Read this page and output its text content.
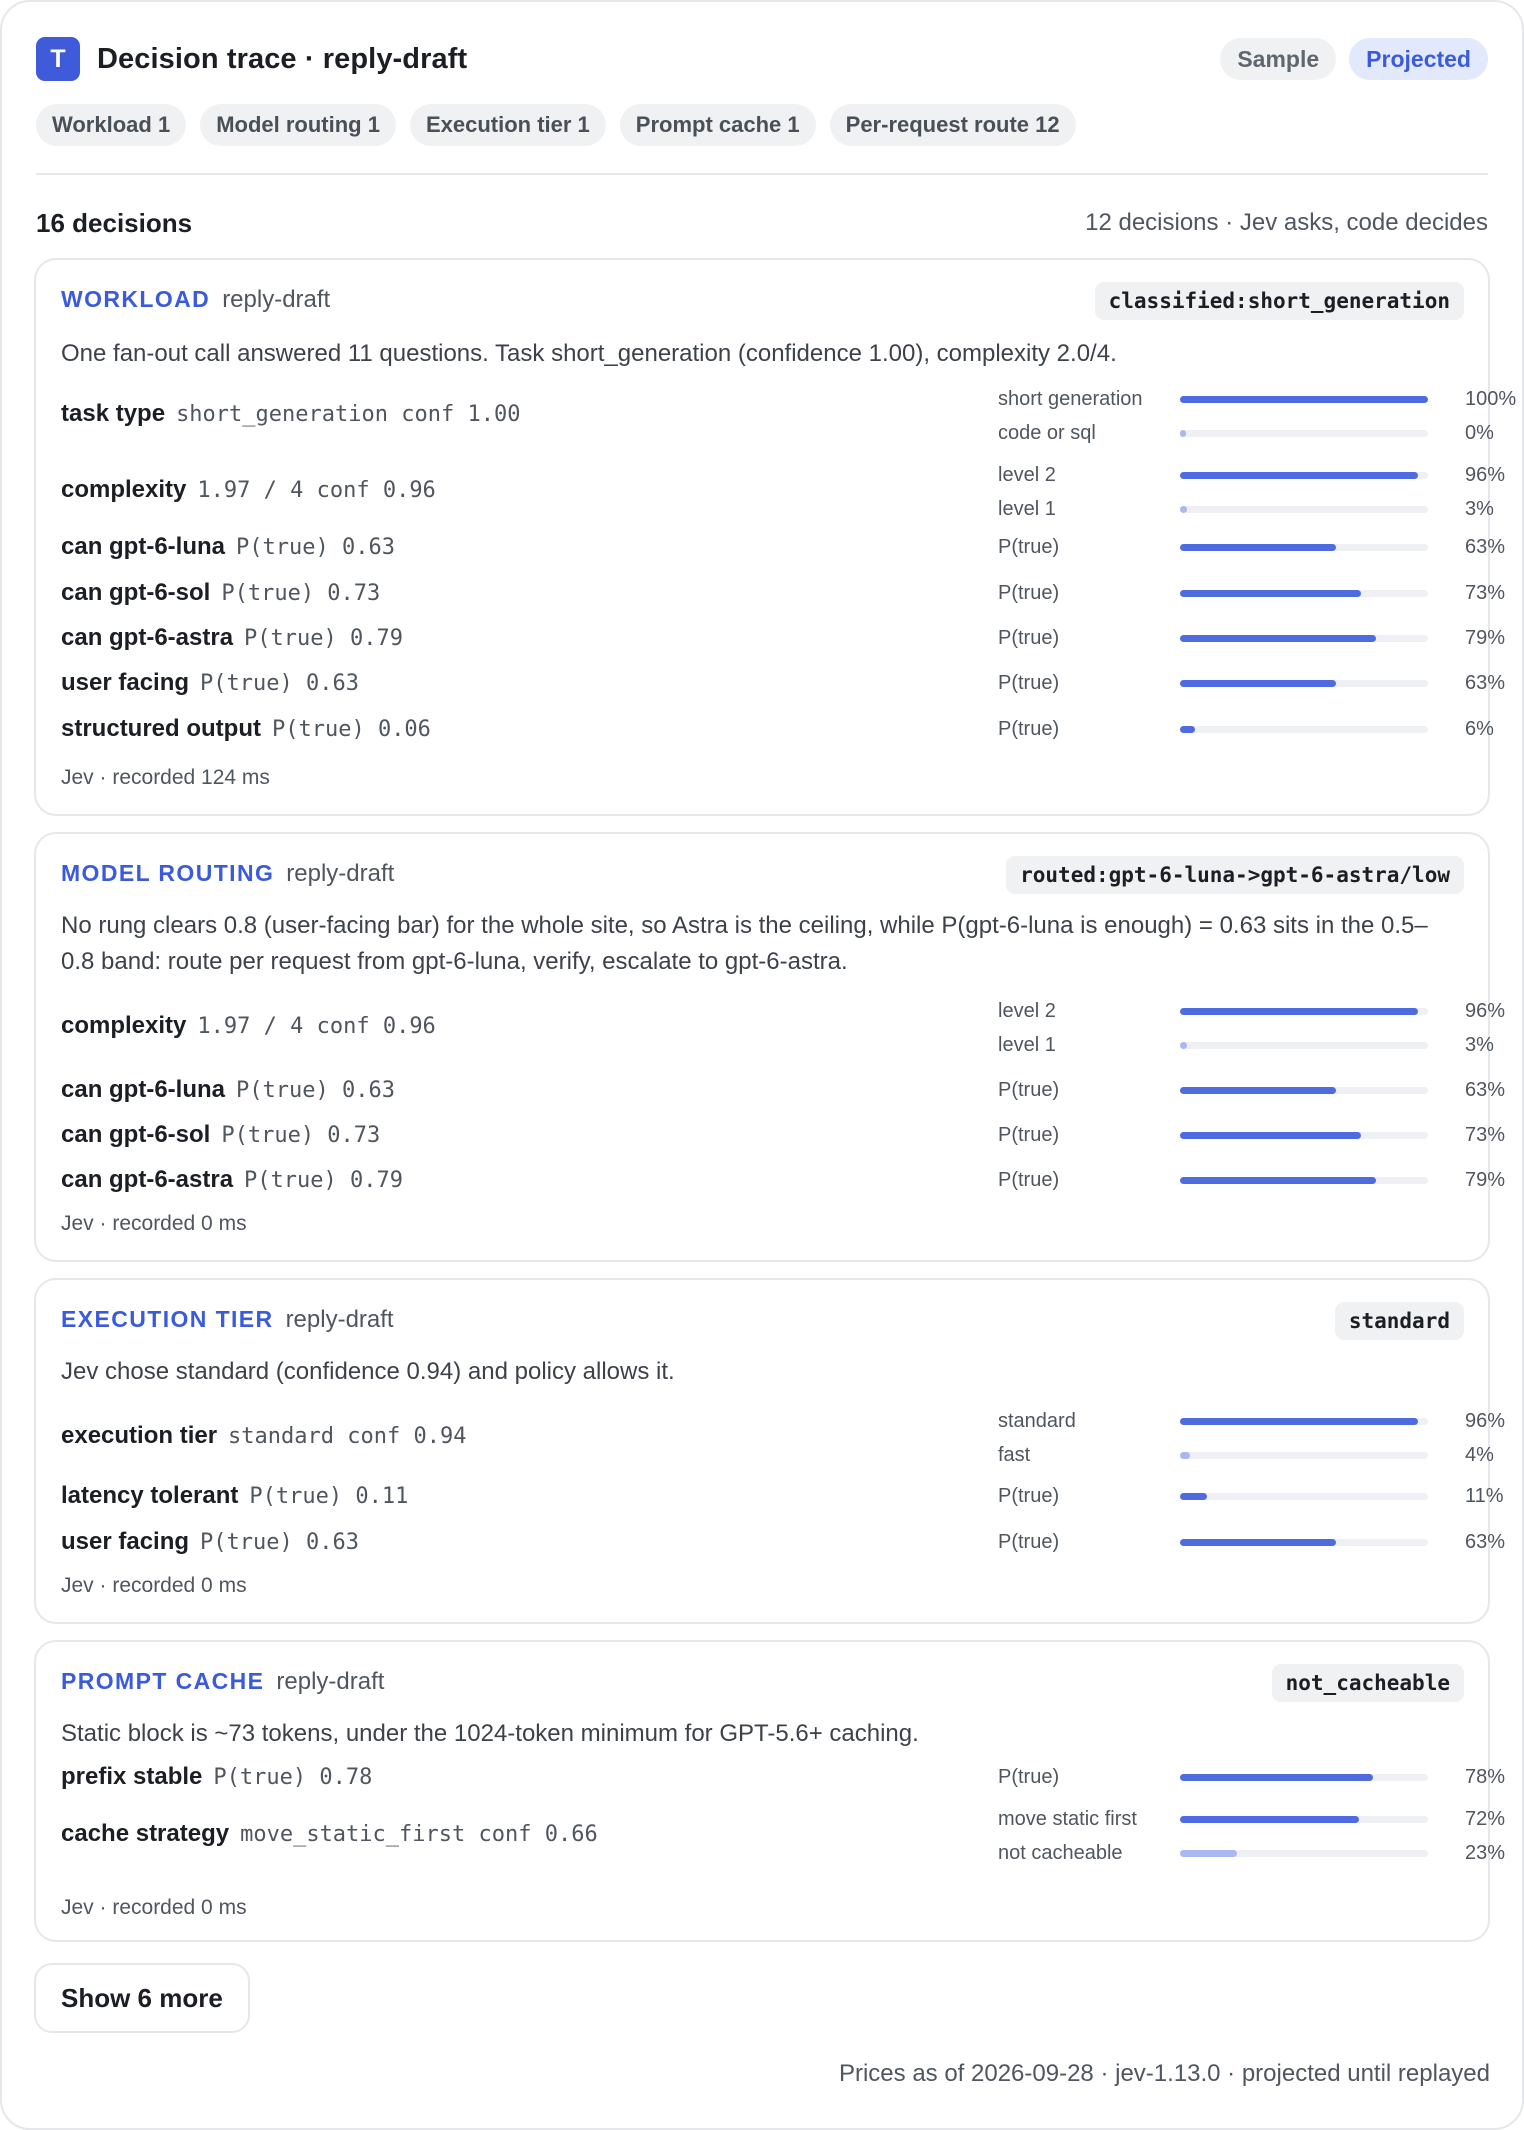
T	Decision trace · reply-draft	Sample	Projected
Workload 1	Model routing 1	Execution tier 1	Prompt cache 1	Per-request route 12
16 decisions	12 decisions · Jev asks, code decides
WORKLOAD reply-draft	classified:short_generation
One fan-out call answered 11 questions. Task short_generation (confidence 1.00), complexity 2.0/4.
task type short_generation conf 1.00
short generation	100%
code or sql	0%
complexity 1.97 / 4 conf 0.96
level 2	96%
level 1	3%
can gpt-6-luna P(true) 0.63	P(true)	63%
can gpt-6-sol P(true) 0.73	P(true)	73%
can gpt-6-astra P(true) 0.79	P(true)	79%
user facing P(true) 0.63	P(true)	63%
structured output P(true) 0.06	P(true)	6%
Jev · recorded 124 ms
MODEL ROUTING reply-draft	routed:gpt-6-luna->gpt-6-astra/low
No rung clears 0.8 (user-facing bar) for the whole site, so Astra is the ceiling, while P(gpt-6-luna is enough) = 0.63 sits in the 0.5–0.8 band: route per request from gpt-6-luna, verify, escalate to gpt-6-astra.
complexity 1.97 / 4 conf 0.96
level 2	96%
level 1	3%
can gpt-6-luna P(true) 0.63	P(true)	63%
can gpt-6-sol P(true) 0.73	P(true)	73%
can gpt-6-astra P(true) 0.79	P(true)	79%
Jev · recorded 0 ms
EXECUTION TIER reply-draft	standard
Jev chose standard (confidence 0.94) and policy allows it.
execution tier standard conf 0.94
standard	96%
fast	4%
latency tolerant P(true) 0.11	P(true)	11%
user facing P(true) 0.63	P(true)	63%
Jev · recorded 0 ms
PROMPT CACHE reply-draft	not_cacheable
Static block is ~73 tokens, under the 1024-token minimum for GPT-5.6+ caching.
prefix stable P(true) 0.78	P(true)	78%
cache strategy move_static_first conf 0.66
move static first	72%
not cacheable	23%
Jev · recorded 0 ms
Show 6 more
Prices as of 2026-09-28 · jev-1.13.0 · projected until replayed
